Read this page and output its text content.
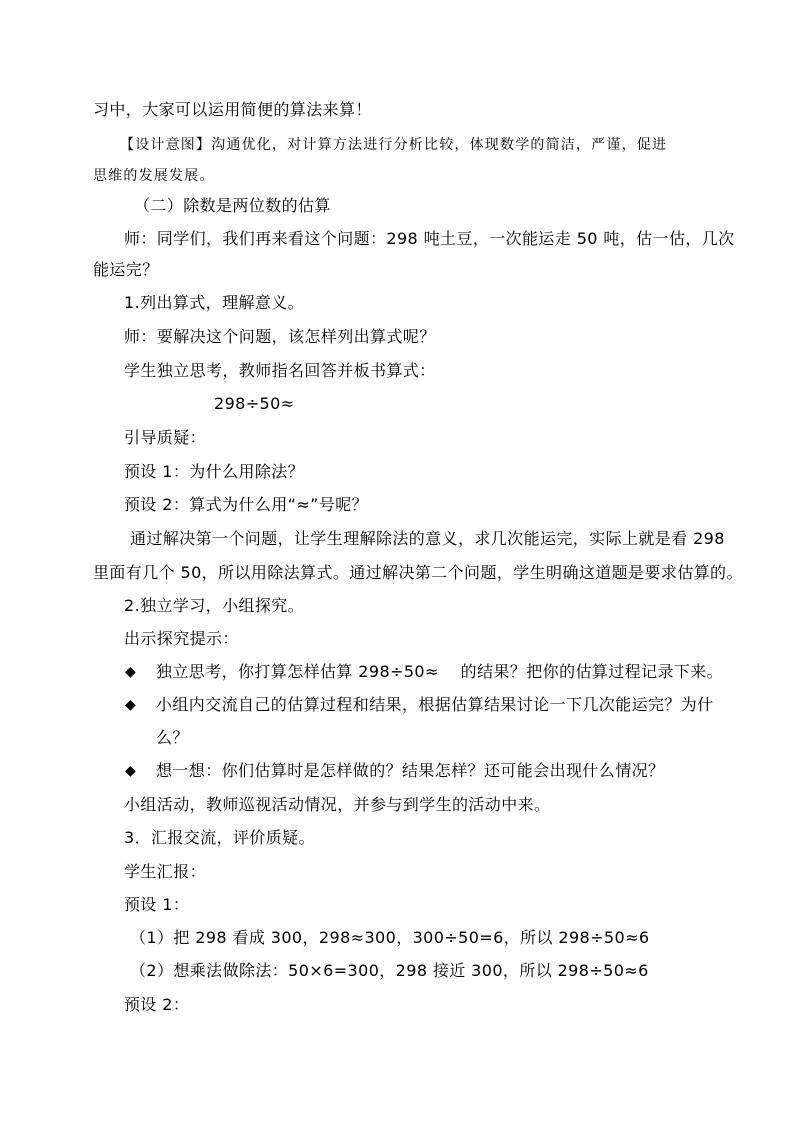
习中，大家可以运用简便的算法来算！
【设计意图】沟通优化，对计算方法进行分析比较，体现数学的简洁，严谨，促进
思维的发展发展。
（二）除数是两位数的估算
师：同学们，我们再来看这个问题：298 吨土豆，一次能运走 50 吨，估一估，几次
能运完？
1.列出算式，理解意义。
师：要解决这个问题，该怎样列出算式呢？
学生独立思考，教师指名回答并板书算式：
298÷50≈
引导质疑：
预设 1：为什么用除法？
预设 2：算式为什么用“≈”号呢？
通过解决第一个问题，让学生理解除法的意义，求几次能运完，实际上就是看 298
里面有几个 50，所以用除法算式。通过解决第二个问题，学生明确这道题是要求估算的。
2.独立学习，小组探究。
出示探究提示：
◆ 独立思考，你打算怎样估算 298÷50≈　 的结果？把你的估算过程记录下来。
◆ 小组内交流自己的估算过程和结果，根据估算结果讨论一下几次能运完？为什
么？
◆ 想一想：你们估算时是怎样做的？结果怎样？还可能会出现什么情况？
小组活动，教师巡视活动情况，并参与到学生的活动中来。
3．汇报交流，评价质疑。
学生汇报：
预设 1：
（1）把 298 看成 300，298≈300，300÷50=6，所以 298÷50≈6
（2）想乘法做除法：50×6=300，298 接近 300，所以 298÷50≈6
预设 2：
